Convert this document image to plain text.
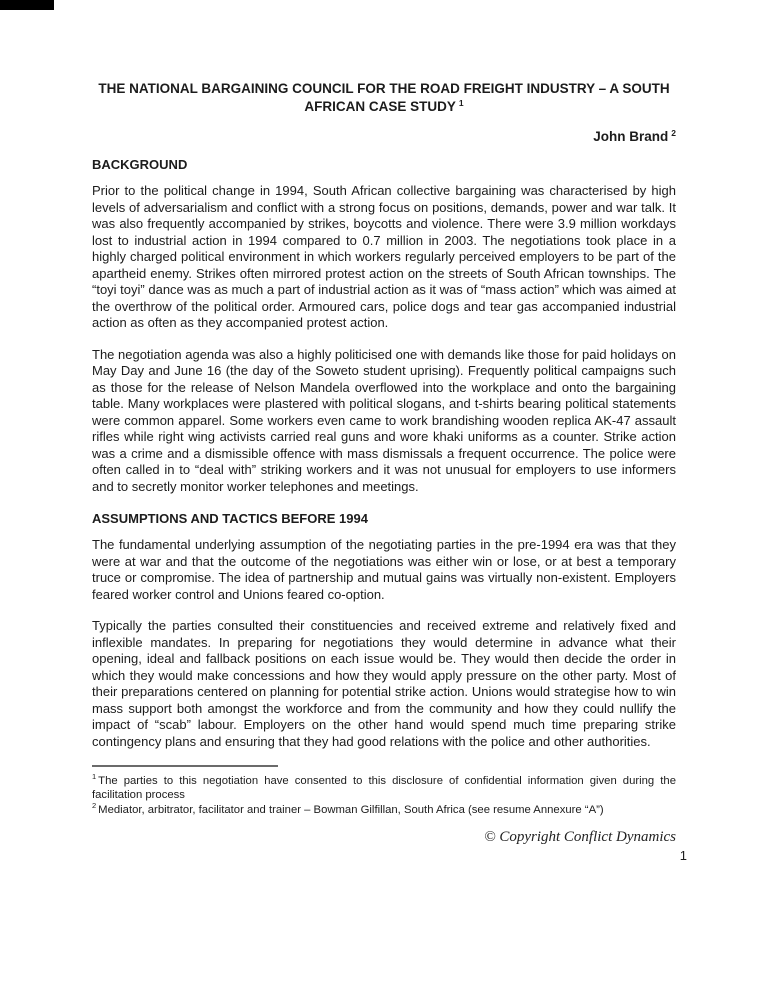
THE NATIONAL BARGAINING COUNCIL FOR THE ROAD FREIGHT INDUSTRY – A SOUTH AFRICAN CASE STUDY $^1$
John Brand $^2$
BACKGROUND

Prior to the political change in 1994, South African collective bargaining was characterised by high levels of adversarialism and conflict with a strong focus on positions, demands, power and war talk. It was also frequently accompanied by strikes, boycotts and violence. There were 3.9 million workdays lost to industrial action in 1994 compared to 0.7 million in 2003. The negotiations took place in a highly charged political environment in which workers regularly perceived employers to be part of the apartheid enemy. Strikes often mirrored protest action on the streets of South African townships. The “toyi toyi” dance was as much a part of industrial action as it was of “mass action” which was aimed at the overthrow of the political order. Armoured cars, police dogs and tear gas accompanied industrial action as often as they accompanied protest action.

The negotiation agenda was also a highly politicised one with demands like those for paid holidays on May Day and June 16 (the day of the Soweto student uprising). Frequently political campaigns such as those for the release of Nelson Mandela overflowed into the workplace and onto the bargaining table. Many workplaces were plastered with political slogans, and t-shirts bearing political statements were common apparel. Some workers even came to work brandishing wooden replica AK-47 assault rifles while right wing activists carried real guns and wore khaki uniforms as a counter. Strike action was a crime and a dismissible offence with mass dismissals a frequent occurrence. The police were often called in to “deal with” striking workers and it was not unusual for employers to use informers and to secretly monitor worker telephones and meetings.

ASSUMPTIONS AND TACTICS BEFORE 1994

The fundamental underlying assumption of the negotiating parties in the pre-1994 era was that they were at war and that the outcome of the negotiations was either win or lose, or at best a temporary truce or compromise. The idea of partnership and mutual gains was virtually non-existent. Employers feared worker control and Unions feared co-option.

Typically the parties consulted their constituencies and received extreme and relatively fixed and inflexible mandates. In preparing for negotiations they would determine in advance what their opening, ideal and fallback positions on each issue would be. They would then decide the order in which they would make concessions and how they would apply pressure on the other party. Most of their preparations centered on planning for potential strike action. Unions would strategise how to win mass support both amongst the workforce and from the community and how they could nullify the impact of “scab” labour. Employers on the other hand would spend much time preparing strike contingency plans and ensuring that they had good relations with the police and other authorities.

$^1$ The parties to this negotiation have consented to this disclosure of confidential information given during the facilitation process
$^2$ Mediator, arbitrator, facilitator and trainer – Bowman Gilfillan, South Africa (see resume Annexure “A”)
© Copyright Conflict Dynamics
1
